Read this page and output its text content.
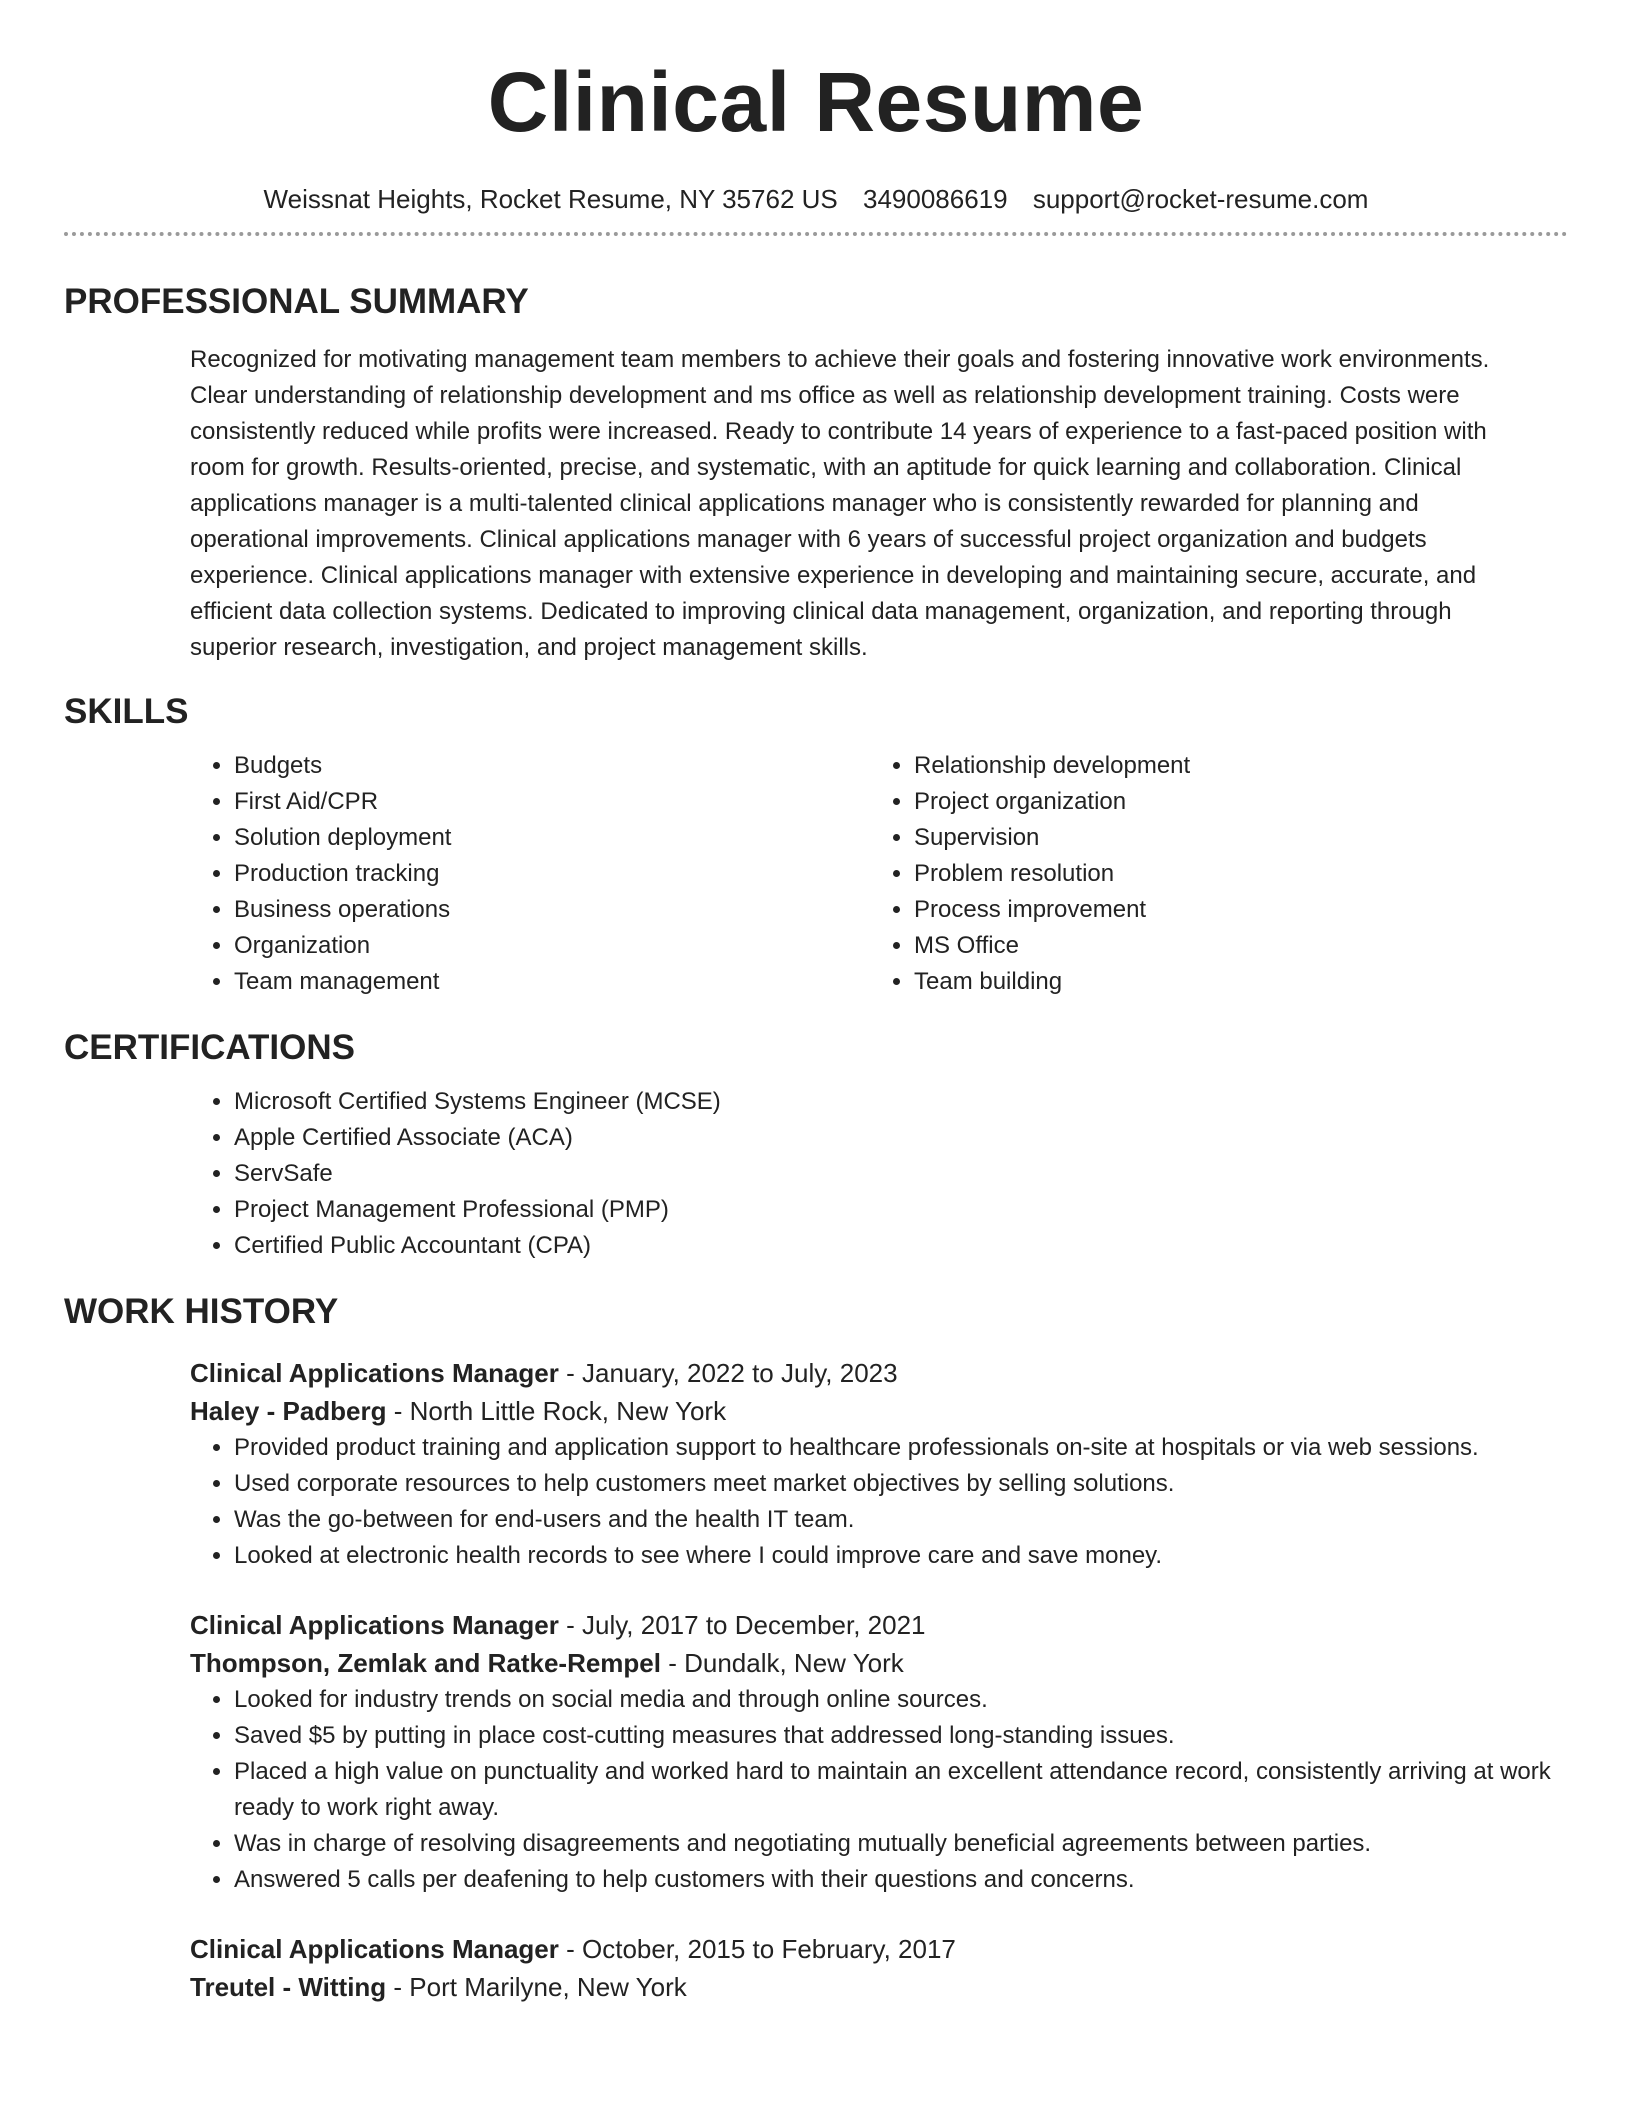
Clinical Resume
Weissnat Heights, Rocket Resume, NY 35762 US 3490086619 support@rocket-resume.com
PROFESSIONAL SUMMARY
Recognized for motivating management team members to achieve their goals and fostering innovative work environments. Clear understanding of relationship development and ms office as well as relationship development training. Costs were consistently reduced while profits were increased. Ready to contribute 14 years of experience to a fast-paced position with room for growth. Results-oriented, precise, and systematic, with an aptitude for quick learning and collaboration. Clinical applications manager is a multi-talented clinical applications manager who is consistently rewarded for planning and operational improvements. Clinical applications manager with 6 years of successful project organization and budgets experience. Clinical applications manager with extensive experience in developing and maintaining secure, accurate, and efficient data collection systems. Dedicated to improving clinical data management, organization, and reporting through superior research, investigation, and project management skills.
SKILLS
• Budgets
• First Aid/CPR
• Solution deployment
• Production tracking
• Business operations
• Organization
• Team management
• Relationship development
• Project organization
• Supervision
• Problem resolution
• Process improvement
• MS Office
• Team building
CERTIFICATIONS
• Microsoft Certified Systems Engineer (MCSE)
• Apple Certified Associate (ACA)
• ServSafe
• Project Management Professional (PMP)
• Certified Public Accountant (CPA)
WORK HISTORY
Clinical Applications Manager - January, 2022 to July, 2023
Haley - Padberg - North Little Rock, New York
• Provided product training and application support to healthcare professionals on-site at hospitals or via web sessions.
• Used corporate resources to help customers meet market objectives by selling solutions.
• Was the go-between for end-users and the health IT team.
• Looked at electronic health records to see where I could improve care and save money.
Clinical Applications Manager - July, 2017 to December, 2021
Thompson, Zemlak and Ratke-Rempel - Dundalk, New York
• Looked for industry trends on social media and through online sources.
• Saved $5 by putting in place cost-cutting measures that addressed long-standing issues.
• Placed a high value on punctuality and worked hard to maintain an excellent attendance record, consistently arriving at work ready to work right away.
• Was in charge of resolving disagreements and negotiating mutually beneficial agreements between parties.
• Answered 5 calls per deafening to help customers with their questions and concerns.
Clinical Applications Manager - October, 2015 to February, 2017
Treutel - Witting - Port Marilyne, New York
